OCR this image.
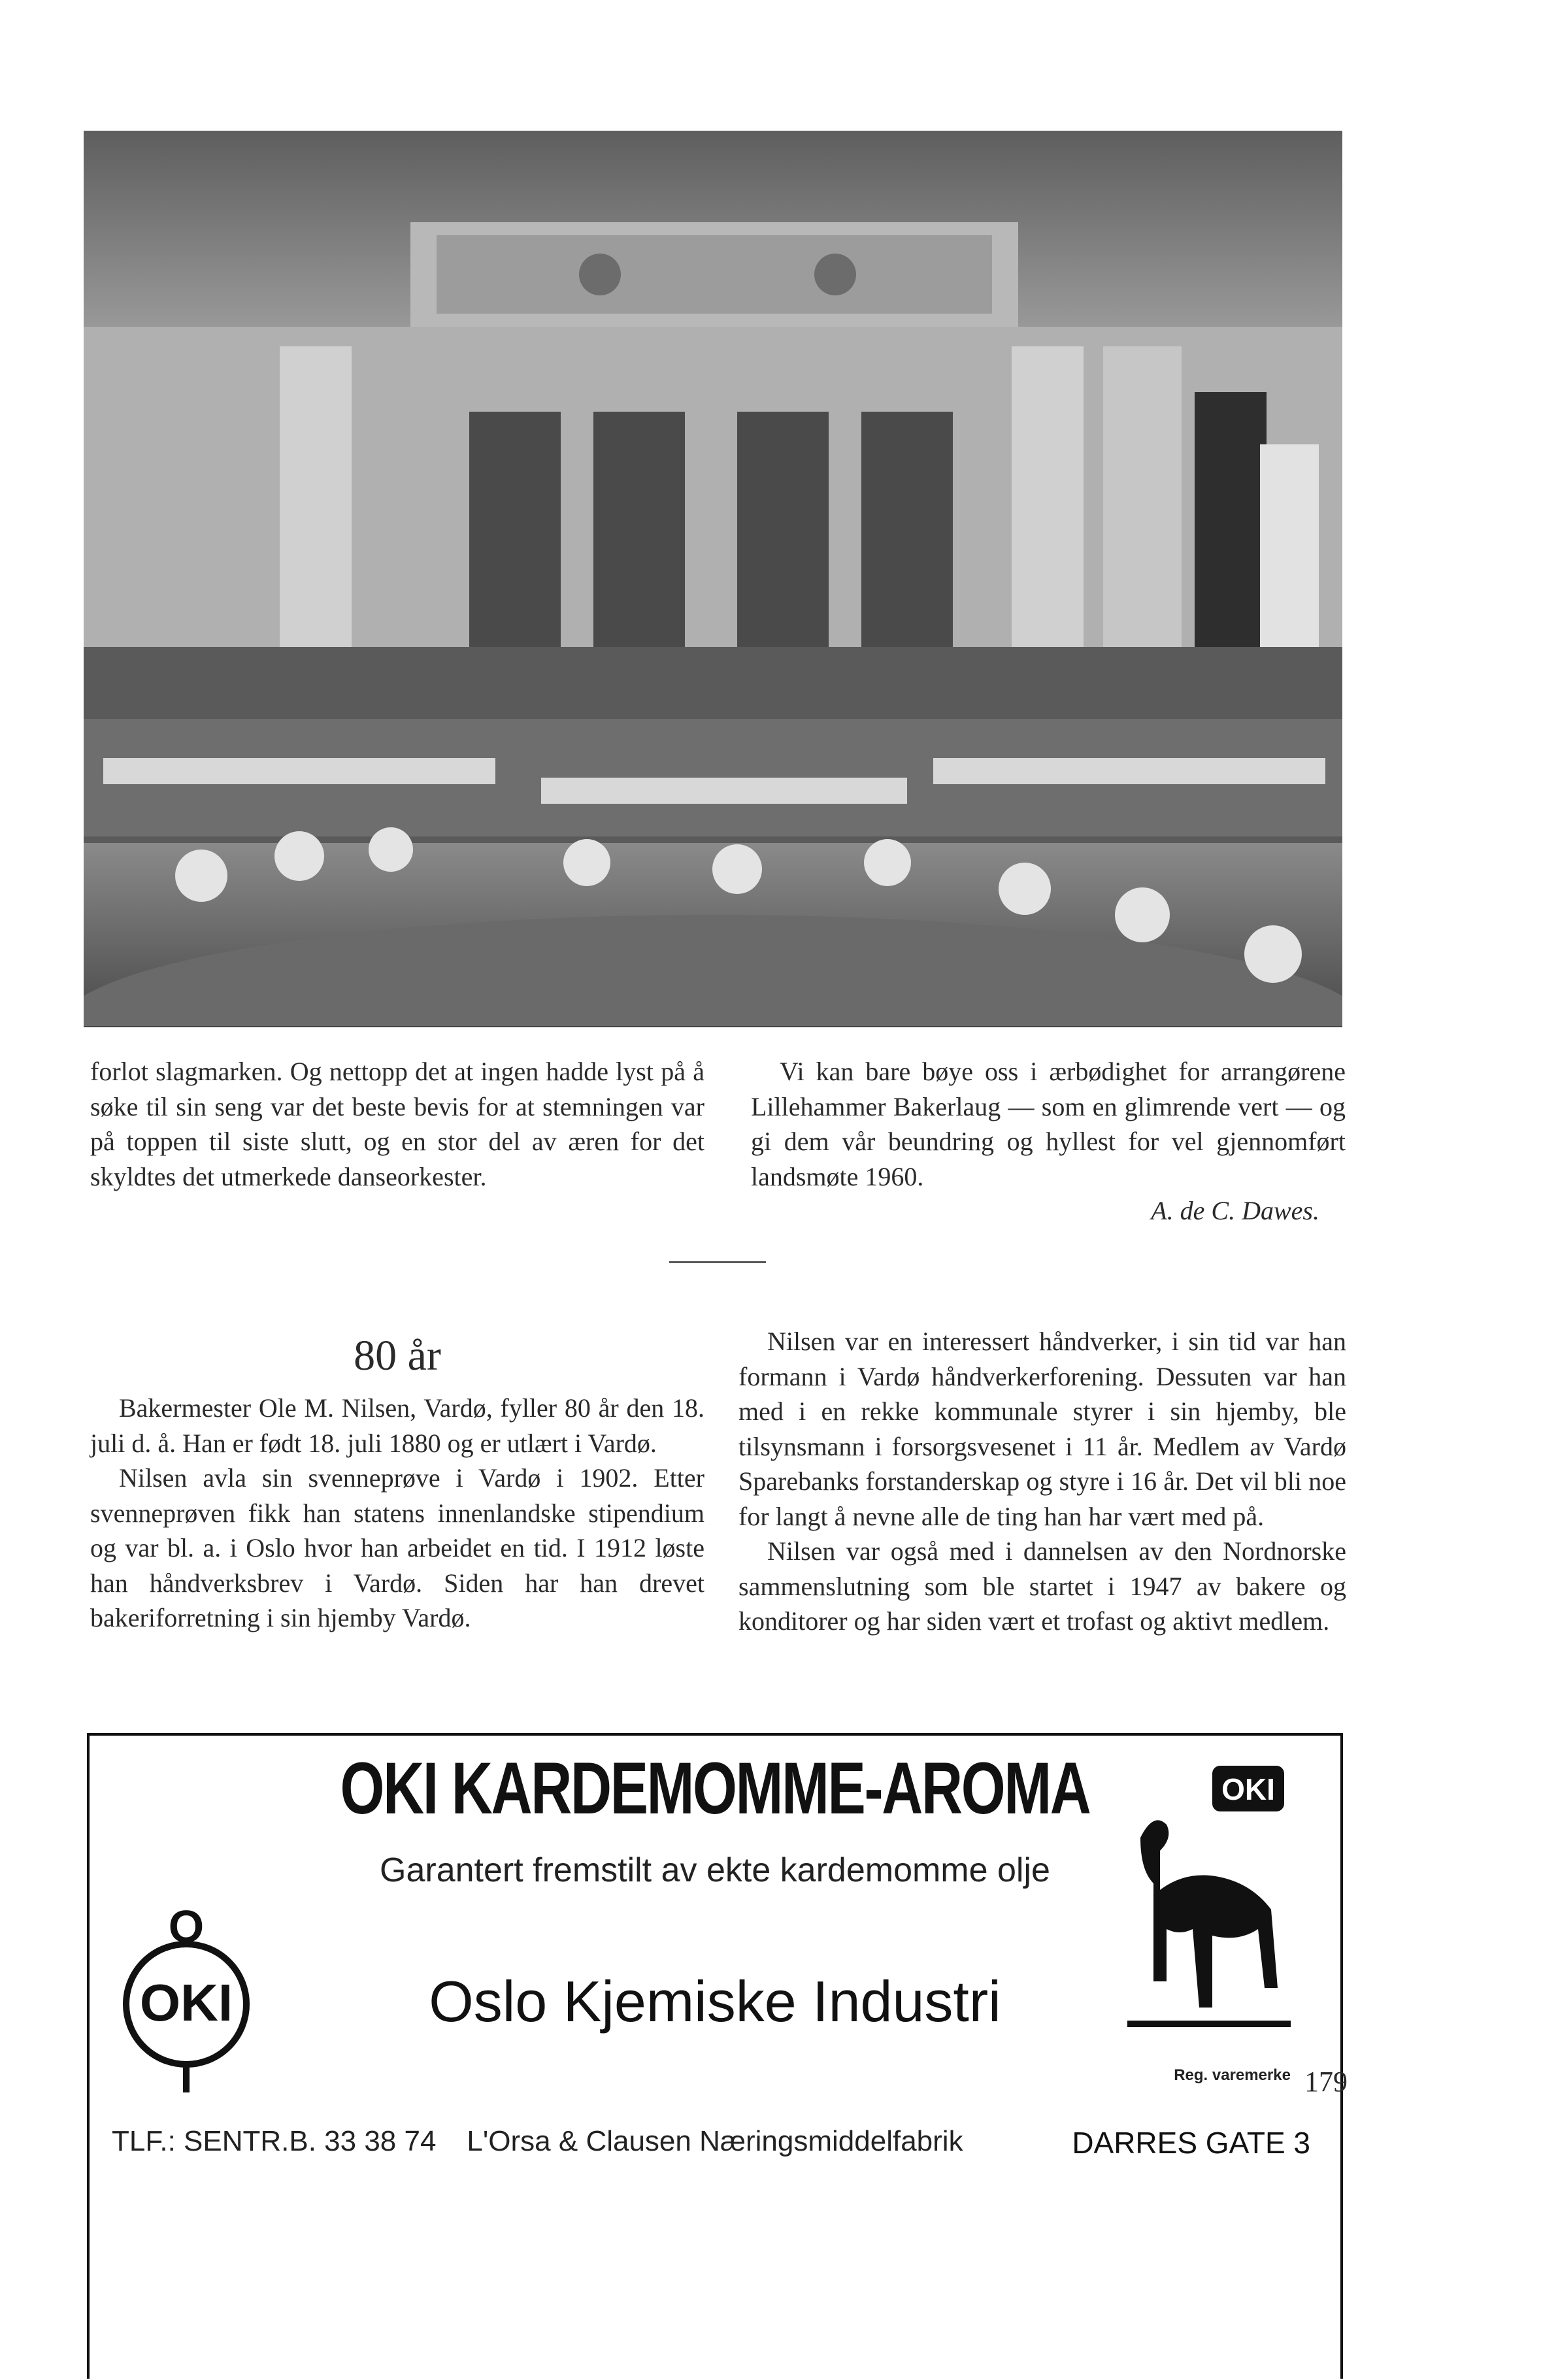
forlot slagmarken. Og nettopp det at ingen hadde lyst på å søke til sin seng var det beste bevis for at stemningen var på toppen til siste slutt, og en stor del av æren for det skyldtes det utmerkede danseorkester.

Vi kan bare bøye oss i ærbødighet for arrangørene Lillehammer Bakerlaug — som en glimrende vert — og gi dem vår beundring og hyllest for vel gjennomført landsmøte 1960.

A. de C. Dawes.
80 år

Bakermester Ole M. Nilsen, Vardø, fyller 80 år den 18. juli d. å. Han er født 18. juli 1880 og er utlært i Vardø.

Nilsen avla sin svenneprøve i Vardø i 1902. Etter svenneprøven fikk han statens innenlandske stipendium og var bl. a. i Oslo hvor han arbeidet en tid. I 1912 løste han håndverksbrev i Vardø. Siden har han drevet bakeriforretning i sin hjemby Vardø.

Nilsen var en interessert håndverker, i sin tid var han formann i Vardø håndverkerforening. Dessuten var han med i en rekke kommunale styrer i sin hjemby, ble tilsynsmann i forsorgsvesenet i 11 år. Medlem av Vardø Sparebanks forstanderskap og styre i 16 år. Det vil bli noe for langt å nevne alle de ting han har vært med på.

Nilsen var også med i dannelsen av den Nordnorske sammenslutning som ble startet i 1947 av bakere og konditorer og har siden vært et trofast og aktivt medlem.

O
OKI
I
OKI KARDEMOMME-AROMA
Garantert fremstilt av ekte kardemomme olje
Oslo Kjemiske Industri
L'Orsa & Clausen Næringsmiddelfabrik
TLF.: SENTR.B. 33 38 74	DARRES GATE 3
OKI
Reg. varemerke 179
